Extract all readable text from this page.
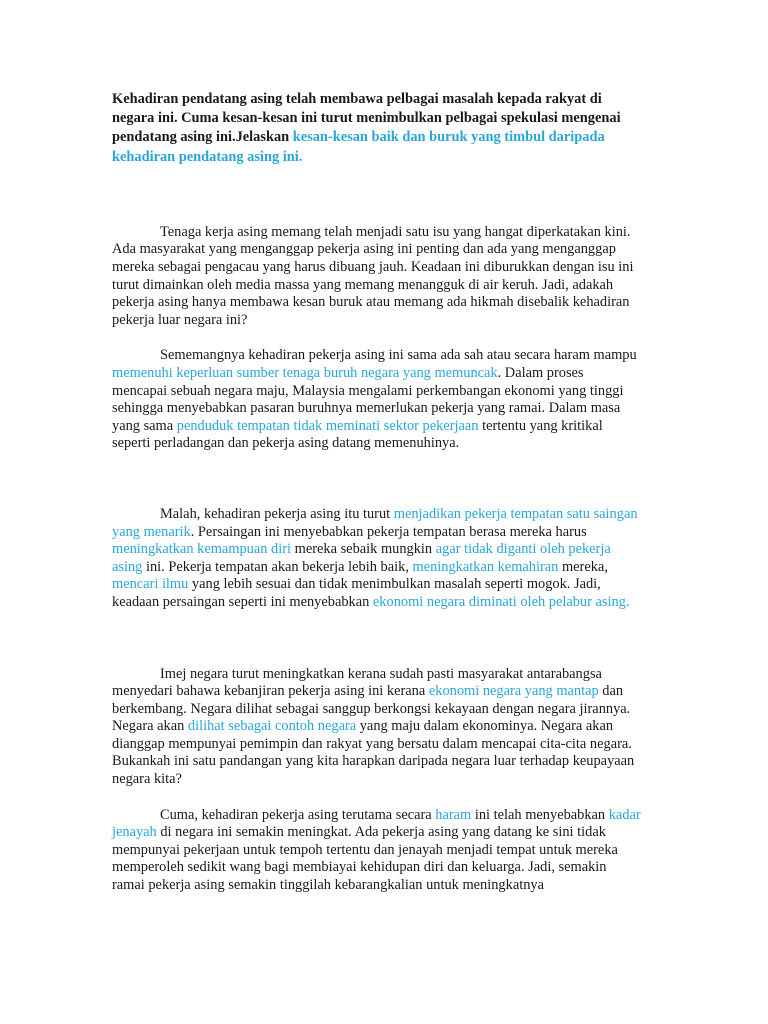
Kehadiran pendatang asing telah membawa pelbagai masalah kepada rakyat di negara ini. Cuma kesan-kesan ini turut menimbulkan pelbagai spekulasi mengenai pendatang asing ini.Jelaskan kesan-kesan baik dan buruk yang timbul daripada kehadiran pendatang asing ini.

Tenaga kerja asing memang telah menjadi satu isu yang hangat diperkatakan kini. Ada masyarakat yang menganggap pekerja asing ini penting dan ada yang menganggap mereka sebagai pengacau yang harus dibuang jauh. Keadaan ini diburukkan dengan isu ini turut dimainkan oleh media massa yang memang menangguk di air keruh. Jadi, adakah pekerja asing hanya membawa kesan buruk atau memang ada hikmah disebalik kehadiran pekerja luar negara ini?

Sememangnya kehadiran pekerja asing ini sama ada sah atau secara haram mampu memenuhi keperluan sumber tenaga buruh negara yang memuncak. Dalam proses mencapai sebuah negara maju, Malaysia mengalami perkembangan ekonomi yang tinggi sehingga menyebabkan pasaran buruhnya memerlukan pekerja yang ramai. Dalam masa yang sama penduduk tempatan tidak meminati sektor pekerjaan tertentu yang kritikal seperti perladangan dan pekerja asing datang memenuhinya.

Malah, kehadiran pekerja asing itu turut menjadikan pekerja tempatan satu saingan yang menarik. Persaingan ini menyebabkan pekerja tempatan berasa mereka harus meningkatkan kemampuan diri mereka sebaik mungkin agar tidak diganti oleh pekerja asing ini. Pekerja tempatan akan bekerja lebih baik, meningkatkan kemahiran mereka, mencari ilmu yang lebih sesuai dan tidak menimbulkan masalah seperti mogok. Jadi, keadaan persaingan seperti ini menyebabkan ekonomi negara diminati oleh pelabur asing.

Imej negara turut meningkatkan kerana sudah pasti masyarakat antarabangsa menyedari bahawa kebanjiran pekerja asing ini kerana ekonomi negara yang mantap dan berkembang. Negara dilihat sebagai sanggup berkongsi kekayaan dengan negara jirannya. Negara akan dilihat sebagai contoh negara yang maju dalam ekonominya. Negara akan dianggap mempunyai pemimpin dan rakyat yang bersatu dalam mencapai cita-cita negara. Bukankah ini satu pandangan yang kita harapkan daripada negara luar terhadap keupayaan negara kita?

Cuma, kehadiran pekerja asing terutama secara haram ini telah menyebabkan kadar jenayah di negara ini semakin meningkat. Ada pekerja asing yang datang ke sini tidak mempunyai pekerjaan untuk tempoh tertentu dan jenayah menjadi tempat untuk mereka memperoleh sedikit wang bagi membiayai kehidupan diri dan keluarga. Jadi, semakin ramai pekerja asing semakin tinggilah kebarangkalian untuk meningkatnya
